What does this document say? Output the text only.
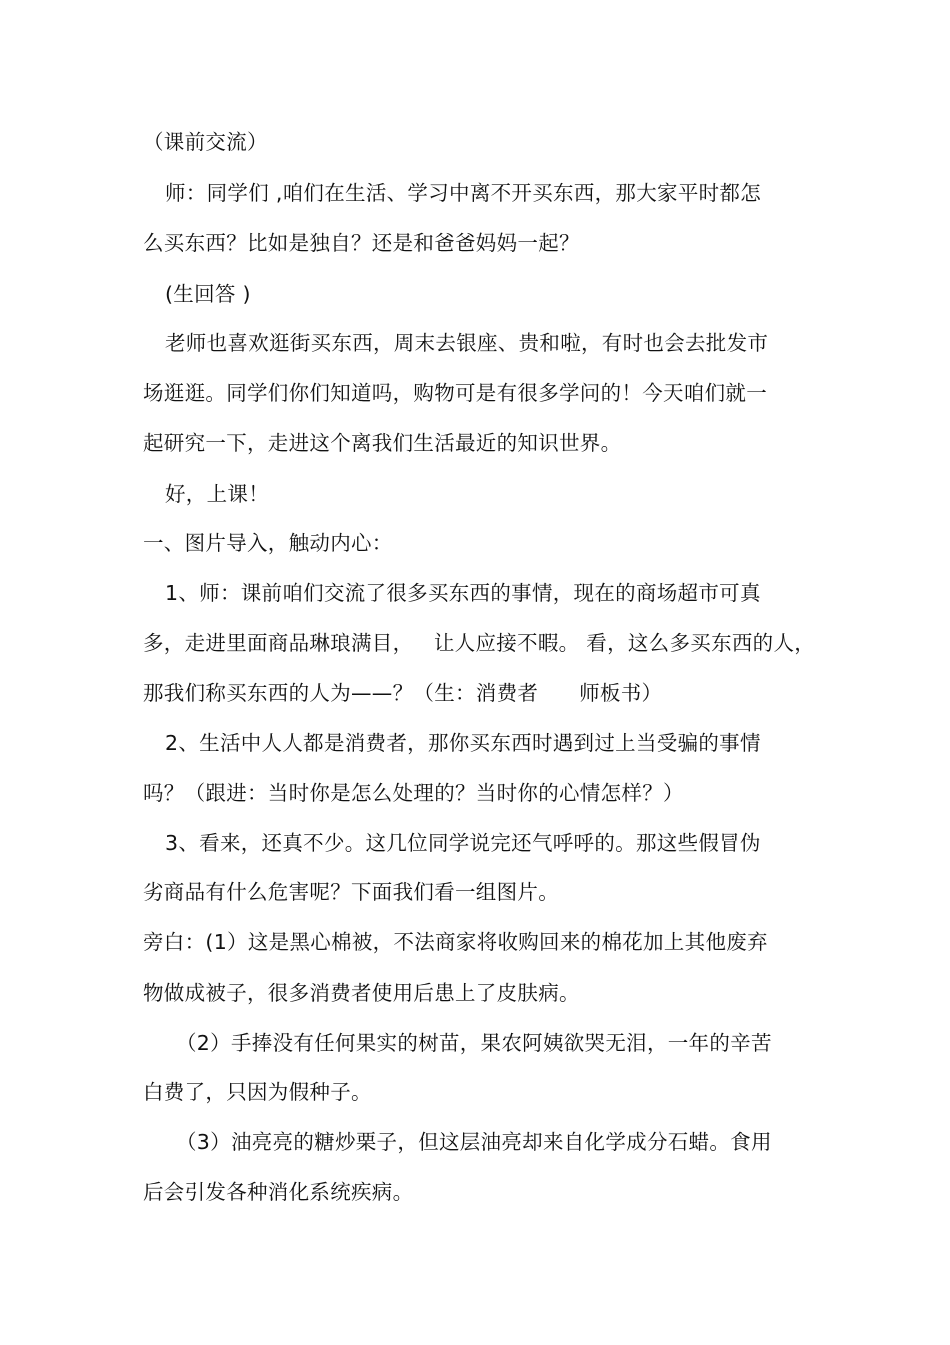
（课前交流）
师：同学们 ,咱们在生活、学习中离不开买东西，那大家平时都怎
么买东西？比如是独自？还是和爸爸妈妈一起？
(生回答 )
老师也喜欢逛街买东西，周末去银座、贵和啦，有时也会去批发市
场逛逛。同学们你们知道吗，购物可是有很多学问的！今天咱们就一
起研究一下，走进这个离我们生活最近的知识世界。
好，上课！
一、图片导入，触动内心：
1、师：课前咱们交流了很多买东西的事情，现在的商场超市可真
多，走进里面商品琳琅满目，   让人应接不暇。 看，这么多买东西的人，
那我们称买东西的人为——？（生：消费者      师板书）
2、生活中人人都是消费者，那你买东西时遇到过上当受骗的事情
吗？（跟进：当时你是怎么处理的？当时你的心情怎样？）
3、看来，还真不少。这几位同学说完还气呼呼的。那这些假冒伪
劣商品有什么危害呢？下面我们看一组图片。
旁白：(1）这是黑心棉被，不法商家将收购回来的棉花加上其他废弃
物做成被子，很多消费者使用后患上了皮肤病。
（2）手捧没有任何果实的树苗，果农阿姨欲哭无泪，一年的辛苦
白费了，只因为假种子。
（3）油亮亮的糖炒栗子，但这层油亮却来自化学成分石蜡。食用
后会引发各种消化系统疾病。
